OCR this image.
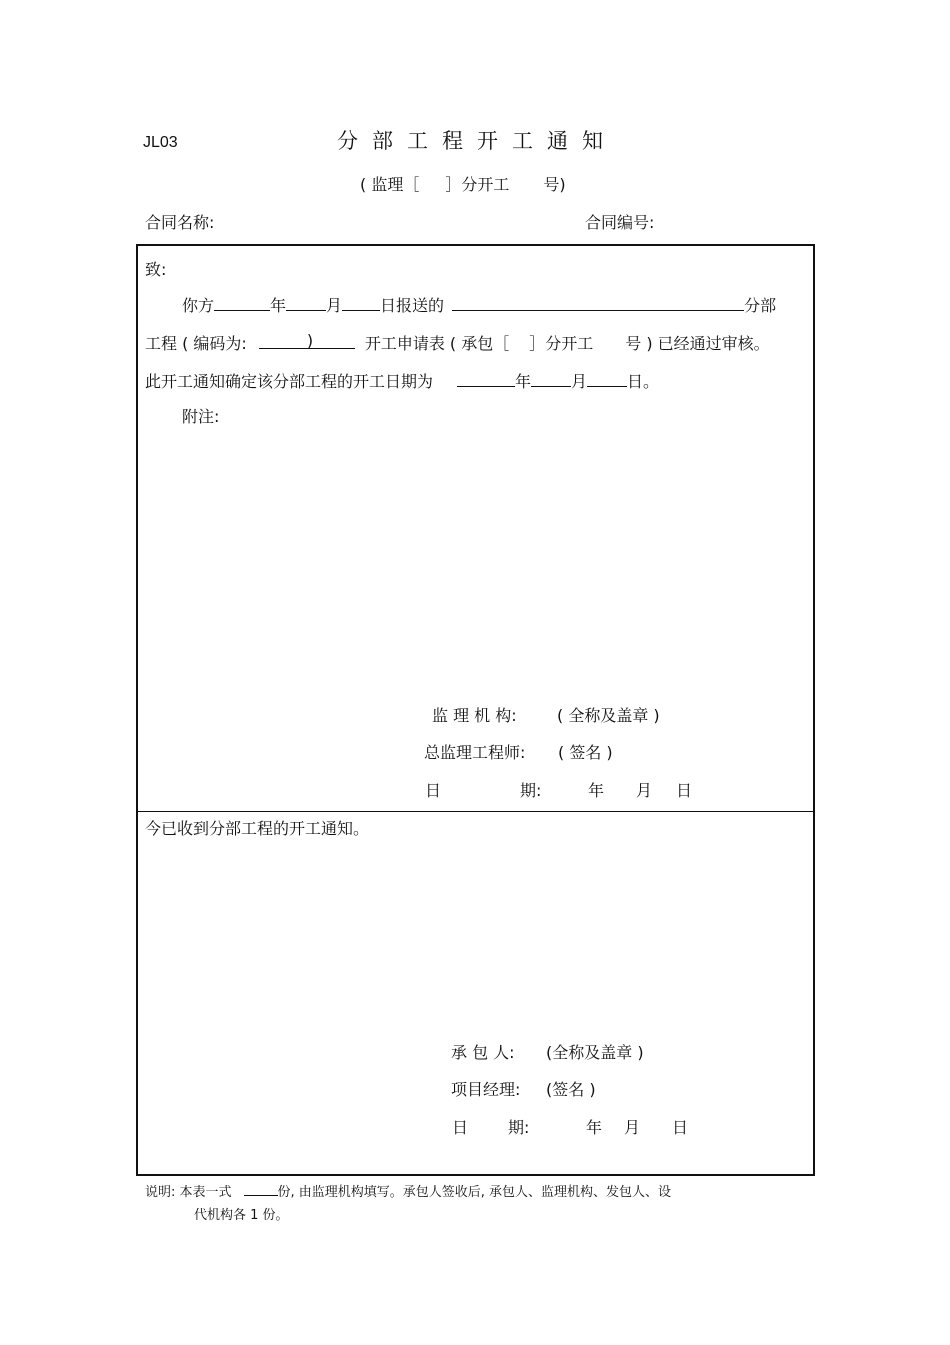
JL03	分部工程开工通知
( 监理［ ］分开工 号)
合同名称:	合同编号:
致:
你方	年	月 日报送的	分部
工程 ( 编码为:	)	开工申请表 ( 承包［ ］分开工 号 ) 已经通过审核。
此开工通知确定该分部工程的开工日期为	年	月	日。
附注:
监 理 机 构:	( 全称及盖章 )
总监理工程师: ( 签名 )
日	期:	年 月 日
今已收到分部工程的开工通知。
承 包 人: (全称及盖章 )
项目经理: (签名 )
日 期:	年 月 日
说明: 本表一式	份, 由监理机构填写。承包人签收后, 承包人、监理机构、发包人、设
代机构各 1 份。
